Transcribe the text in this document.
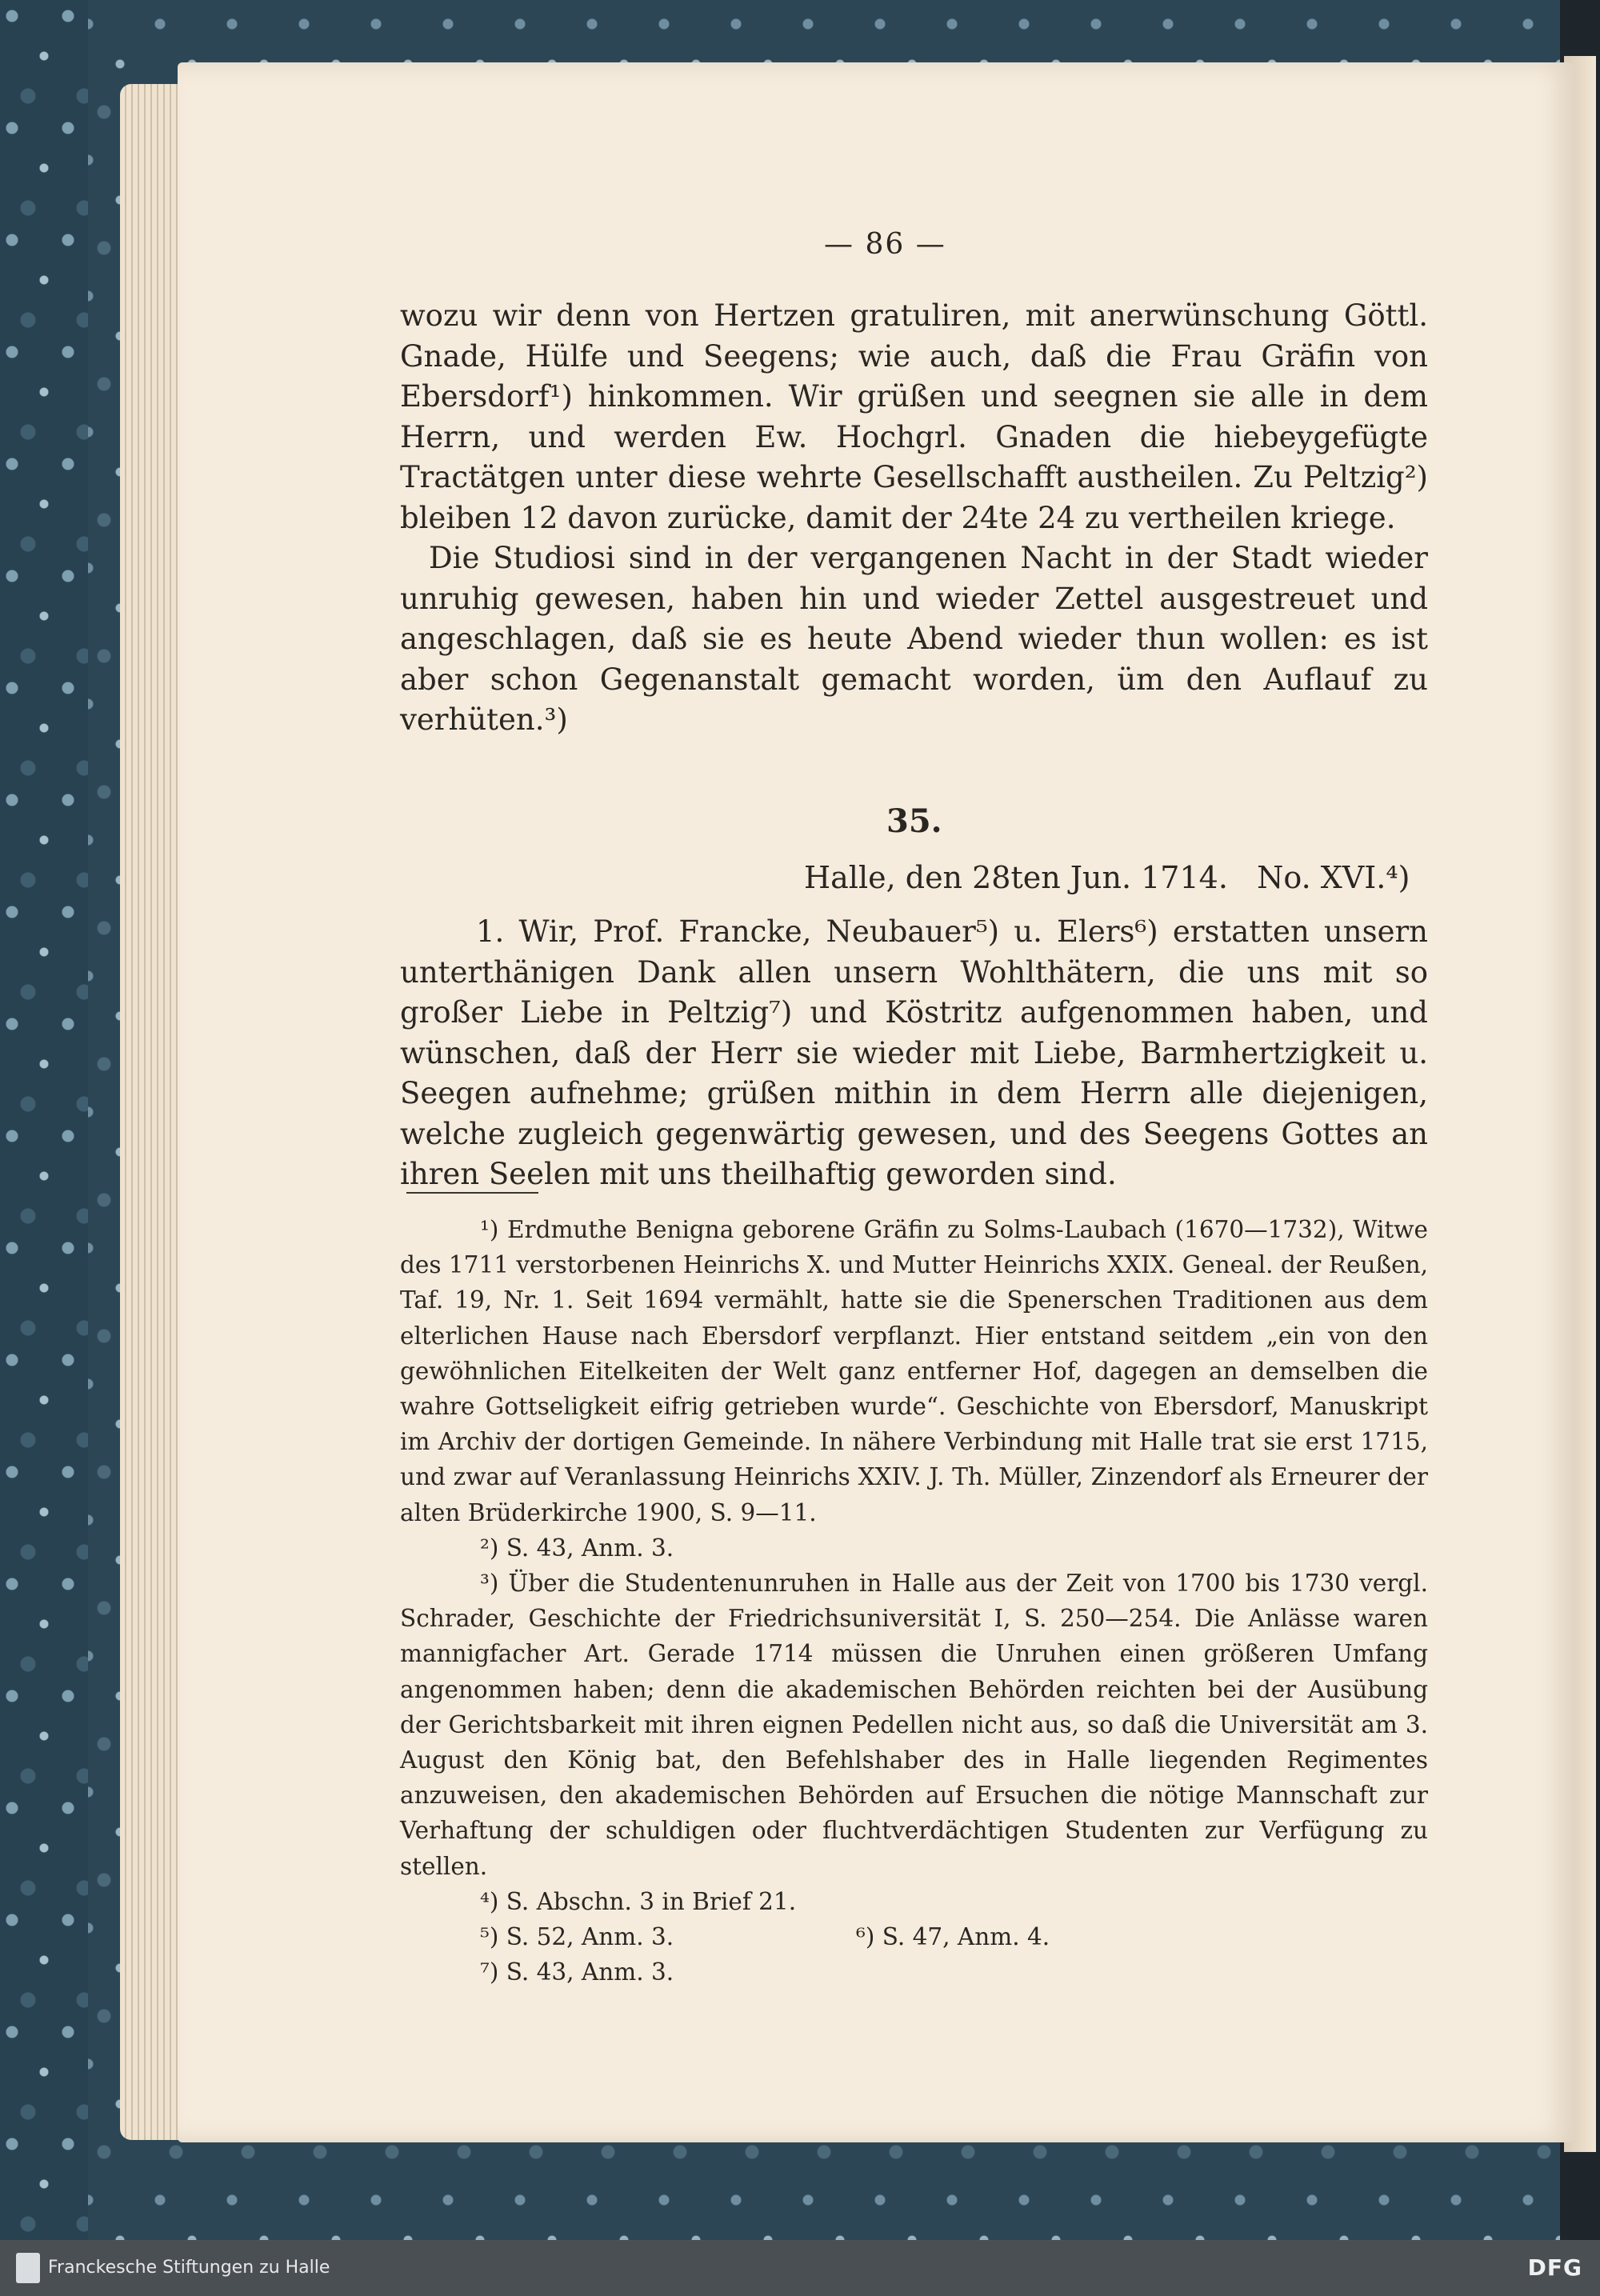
— 86 —

wozu wir denn von Hertzen gratuliren, mit anerwünschung Göttl. Gnade, Hülfe und Seegens; wie auch, daß die Frau Gräfin von Ebersdorf¹) hinkommen. Wir grüßen und seegnen sie alle in dem Herrn, und werden Ew. Hochgrl. Gnaden die hiebeygefügte Tractätgen unter diese wehrte Gesellschafft austheilen. Zu Peltzig²) bleiben 12 davon zurücke, damit der 24te 24 zu vertheilen kriege.

Die Studiosi sind in der vergangenen Nacht in der Stadt wieder unruhig gewesen, haben hin und wieder Zettel ausgestreuet und angeschlagen, daß sie es heute Abend wieder thun wollen: es ist aber schon Gegenanstalt gemacht worden, üm den Auflauf zu verhüten.³)

35.
Halle, den 28ten Jun. 1714.   No. XVI.⁴)

1. Wir, Prof. Francke, Neubauer⁵) u. Elers⁶) erstatten unsern unterthänigen Dank allen unsern Wohlthätern, die uns mit so großer Liebe in Peltzig⁷) und Köstritz aufgenommen haben, und wünschen, daß der Herr sie wieder mit Liebe, Barmhertzigkeit u. Seegen aufnehme; grüßen mithin in dem Herrn alle diejenigen, welche zugleich gegenwärtig gewesen, und des Seegens Gottes an ihren Seelen mit uns theilhaftig geworden sind.

¹) Erdmuthe Benigna geborene Gräfin zu Solms-Laubach (1670—1732), Witwe des 1711 verstorbenen Heinrichs X. und Mutter Heinrichs XXIX. Geneal. der Reußen, Taf. 19, Nr. 1. Seit 1694 vermählt, hatte sie die Spenerschen Traditionen aus dem elterlichen Hause nach Ebersdorf verpflanzt. Hier entstand seitdem „ein von den gewöhnlichen Eitelkeiten der Welt ganz entferner Hof, dagegen an demselben die wahre Gottseligkeit eifrig getrieben wurde“. Geschichte von Ebersdorf, Manuskript im Archiv der dortigen Gemeinde. In nähere Verbindung mit Halle trat sie erst 1715, und zwar auf Veranlassung Heinrichs XXIV. J. Th. Müller, Zinzendorf als Erneurer der alten Brüderkirche 1900, S. 9—11.

²) S. 43, Anm. 3.

³) Über die Studentenunruhen in Halle aus der Zeit von 1700 bis 1730 vergl. Schrader, Geschichte der Friedrichsuniversität I, S. 250—254. Die Anlässe waren mannigfacher Art. Gerade 1714 müssen die Unruhen einen größeren Umfang angenommen haben; denn die akademischen Behörden reichten bei der Ausübung der Gerichtsbarkeit mit ihren eignen Pedellen nicht aus, so daß die Universität am 3. August den König bat, den Befehlshaber des in Halle liegenden Regimentes anzuweisen, den akademischen Behörden auf Ersuchen die nötige Mannschaft zur Verhaftung der schuldigen oder fluchtverdächtigen Studenten zur Verfügung zu stellen.

⁴) S. Abschn. 3 in Brief 21.

⁵) S. 52, Anm. 3.	⁶) S. 47, Anm. 4.

⁷) S. 43, Anm. 3.

Franckesche Stiftungen zu Halle	DFG
